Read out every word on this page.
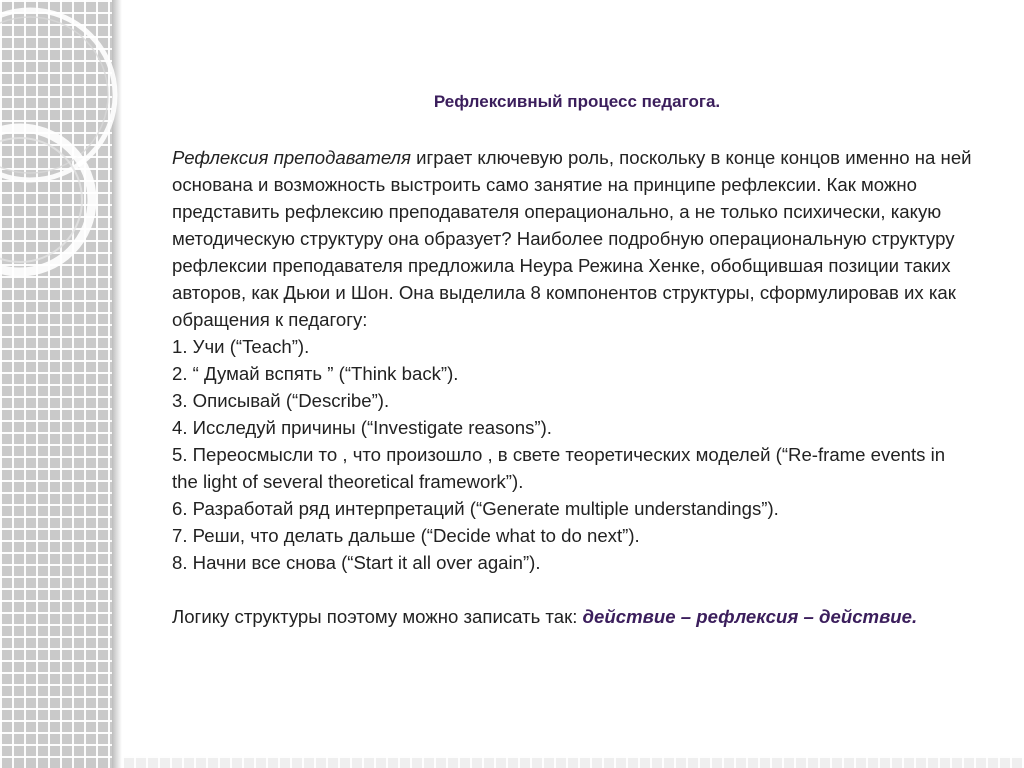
Рефлексивный процесс педагога.

Рефлексия преподавателя играет ключевую роль, поскольку в конце концов именно на ней основана и возможность выстроить само занятие на принципе рефлексии. Как можно представить рефлексию преподавателя операционально, а не только психически, какую методическую структуру она образует? Наиболее подробную операциональную структуру рефлексии преподавателя предложила Неура Режина Хенке, обобщившая позиции таких авторов, как Дьюи и Шон. Она выделила 8 компонентов структуры, сформулировав их как обращения к педагогу:

1. Учи (“Teach”).
2. “ Думай вспять ” (“Think back”).
3. Описывай (“Describe”).
4. Исследуй причины (“Investigate reasons”).
5. Переосмысли то , что произошло , в свете теоретических моделей (“Re-frame events in the light of several theoretical framework”).
6. Разработай ряд интерпретаций (“Generate multiple understandings”).
7. Реши, что делать дальше (“Decide what to do next”).
8. Начни все снова (“Start it all over again”).

Логику структуры поэтому можно записать так: действие – рефлексия – действие.
